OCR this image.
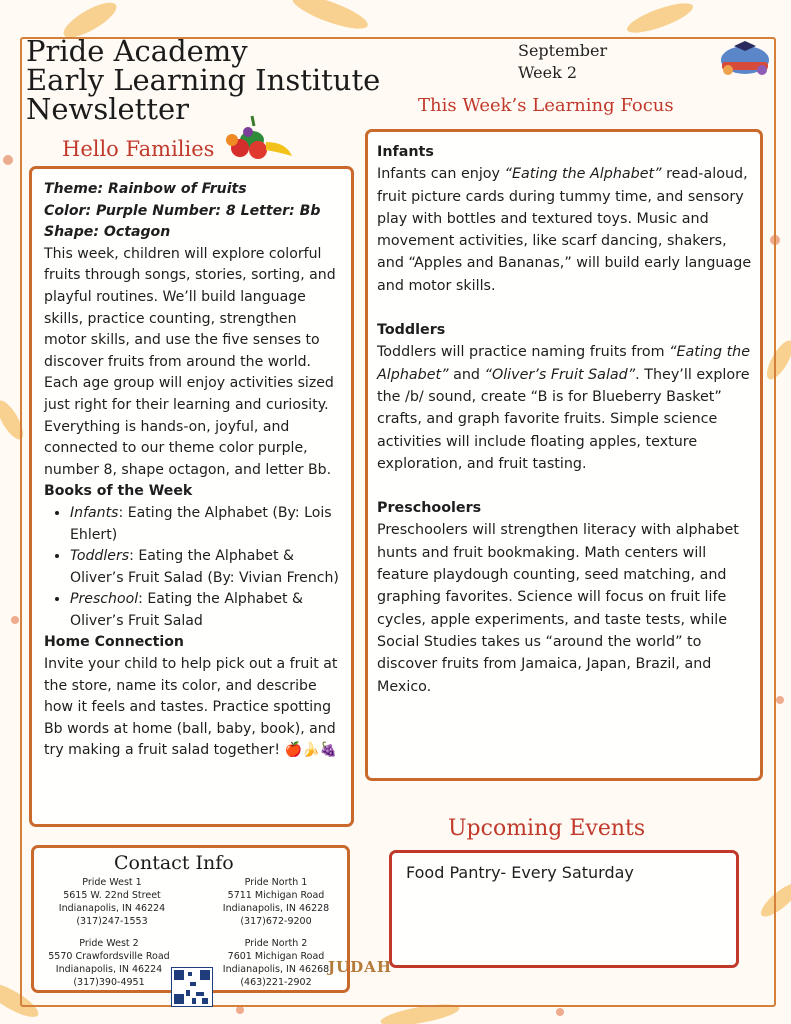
Pride Academy
Early Learning Institute
Newsletter
September
Week 2
This Week’s Learning Focus
Hello Families

Theme: Rainbow of Fruits

Color: Purple Number: 8 Letter: Bb

Shape: Octagon

This week, children will explore colorful fruits through songs, stories, sorting, and playful routines. We’ll build language skills, practice counting, strengthen motor skills, and use the five senses to discover fruits from around the world. Each age group will enjoy activities sized just right for their learning and curiosity. Everything is hands-on, joyful, and connected to our theme color purple, number 8, shape octagon, and letter Bb.

Books of the Week

• Infants: Eating the Alphabet (By: Lois Ehlert)
• Toddlers: Eating the Alphabet & Oliver’s Fruit Salad (By: Vivian French)
• Preschool: Eating the Alphabet & Oliver’s Fruit Salad

Home Connection

Invite your child to help pick out a fruit at the store, name its color, and describe how it feels and tastes. Practice spotting Bb words at home (ball, baby, book), and try making a fruit salad together! 🍎🍌🍇

Infants

Infants can enjoy “Eating the Alphabet” read-aloud, fruit picture cards during tummy time, and sensory play with bottles and textured toys. Music and movement activities, like scarf dancing, shakers, and “Apples and Bananas,” will build early language and motor skills.

Toddlers

Toddlers will practice naming fruits from “Eating the Alphabet” and “Oliver’s Fruit Salad”. They’ll explore the /b/ sound, create “B is for Blueberry Basket” crafts, and graph favorite fruits. Simple science activities will include floating apples, texture exploration, and fruit tasting.

Preschoolers

Preschoolers will strengthen literacy with alphabet hunts and fruit bookmaking. Math centers will feature playdough counting, seed matching, and graphing favorites. Science will focus on fruit life cycles, apple experiments, and taste tests, while Social Studies takes us “around the world” to discover fruits from Jamaica, Japan, Brazil, and Mexico.

Upcoming Events
Food Pantry- Every Saturday
Contact Info
Pride West 1
5615 W. 22nd Street
Indianapolis, IN 46224
(317)247-1553
Pride North 1
5711 Michigan Road
Indianapolis, IN 46228
(317)672-9200
Pride West 2
5570 Crawfordsville Road
Indianapolis, IN 46224
(317)390-4951
Pride North 2
7601 Michigan Road
Indianapolis, IN 46268
(463)221-2902
JUDAH
